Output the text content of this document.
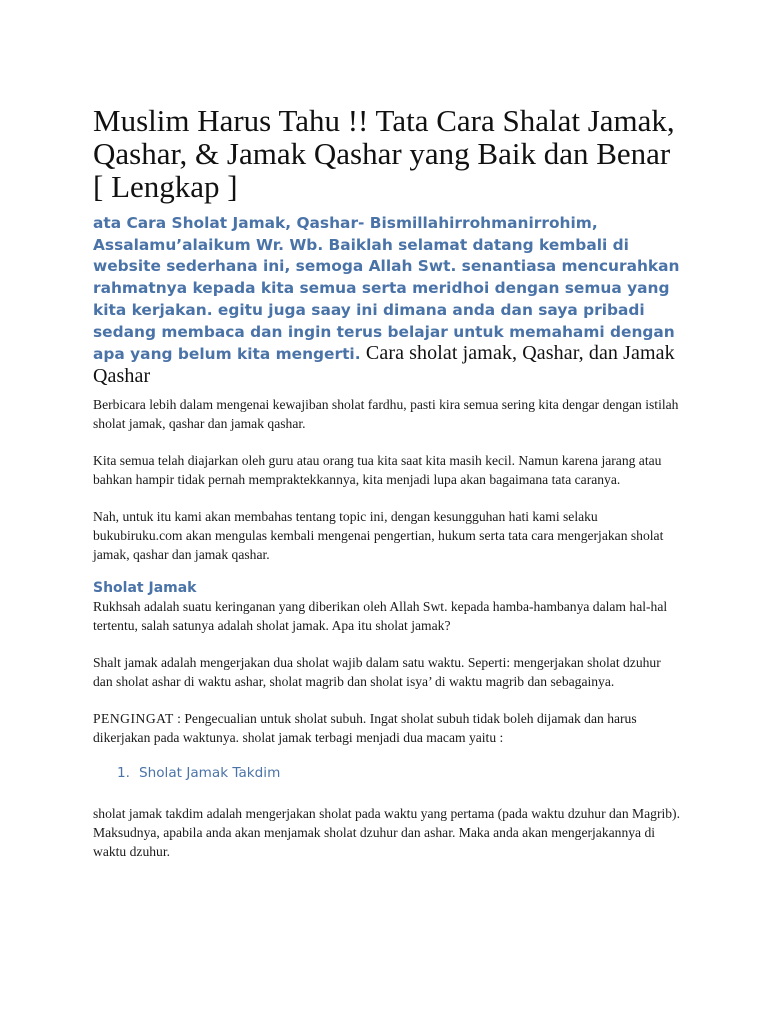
Muslim Harus Tahu !! Tata Cara Shalat Jamak, Qashar, & Jamak Qashar yang Baik dan Benar [ Lengkap ]

ata Cara Sholat Jamak, Qashar- Bismillahirrohmanirrohim, Assalamu’alaikum Wr. Wb. Baiklah selamat datang kembali di website sederhana ini, semoga Allah Swt. senantiasa mencurahkan rahmatnya kepada kita semua serta meridhoi dengan semua yang kita kerjakan. egitu juga saay ini dimana anda dan saya pribadi sedang membaca dan ingin terus belajar untuk memahami dengan apa yang belum kita mengerti. Cara sholat jamak, Qashar, dan Jamak Qashar

Berbicara lebih dalam mengenai kewajiban sholat fardhu, pasti kira semua sering kita dengar dengan istilah sholat jamak, qashar dan jamak qashar.

Kita semua telah diajarkan oleh guru atau orang tua kita saat kita masih kecil. Namun karena jarang atau bahkan hampir tidak pernah mempraktekkannya, kita menjadi lupa akan bagaimana tata caranya.

Nah, untuk itu kami akan membahas tentang topic ini, dengan kesungguhan hati kami selaku bukubiruku.com akan mengulas kembali mengenai pengertian, hukum serta tata cara mengerjakan sholat jamak, qashar dan jamak qashar.

Sholat Jamak

Rukhsah adalah suatu keringanan yang diberikan oleh Allah Swt. kepada hamba-hambanya dalam hal-hal tertentu, salah satunya adalah sholat jamak. Apa itu sholat jamak?

Shalt jamak adalah mengerjakan dua sholat wajib dalam satu waktu. Seperti: mengerjakan sholat dzuhur dan sholat ashar di waktu ashar, sholat magrib dan sholat isya’ di waktu magrib dan sebagainya.

PENGINGAT : Pengecualian untuk sholat subuh. Ingat sholat subuh tidak boleh dijamak dan harus dikerjakan pada waktunya. sholat jamak terbagi menjadi dua macam yaitu :

1. Sholat Jamak Takdim

sholat jamak takdim adalah mengerjakan sholat pada waktu yang pertama (pada waktu dzuhur dan Magrib). Maksudnya, apabila anda akan menjamak sholat dzuhur dan ashar. Maka anda akan mengerjakannya di waktu dzuhur.
